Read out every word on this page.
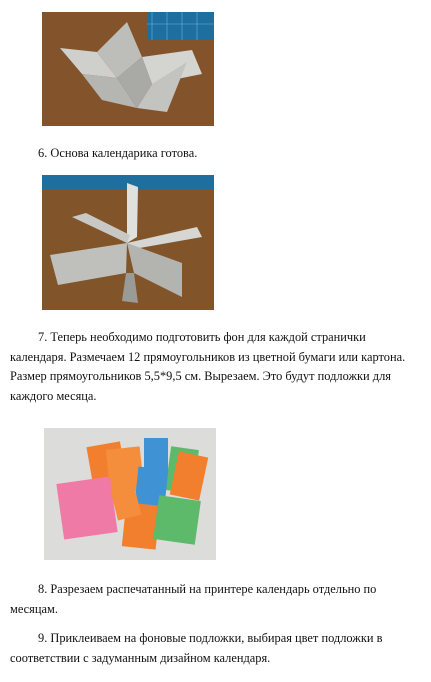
6. Основа календарика готова.

7. Теперь необходимо подготовить фон для каждой странички
календаря. Размечаем 12 прямоугольников из цветной бумаги или картона.
Размер прямоугольников 5,5*9,5 см. Вырезаем. Это будут подложки для
каждого месяца.

8. Разрезаем распечатанный на принтере календарь отдельно по
месяцам.

9. Приклеиваем на фоновые подложки, выбирая цвет подложки в
соответствии с задуманным дизайном календаря.
